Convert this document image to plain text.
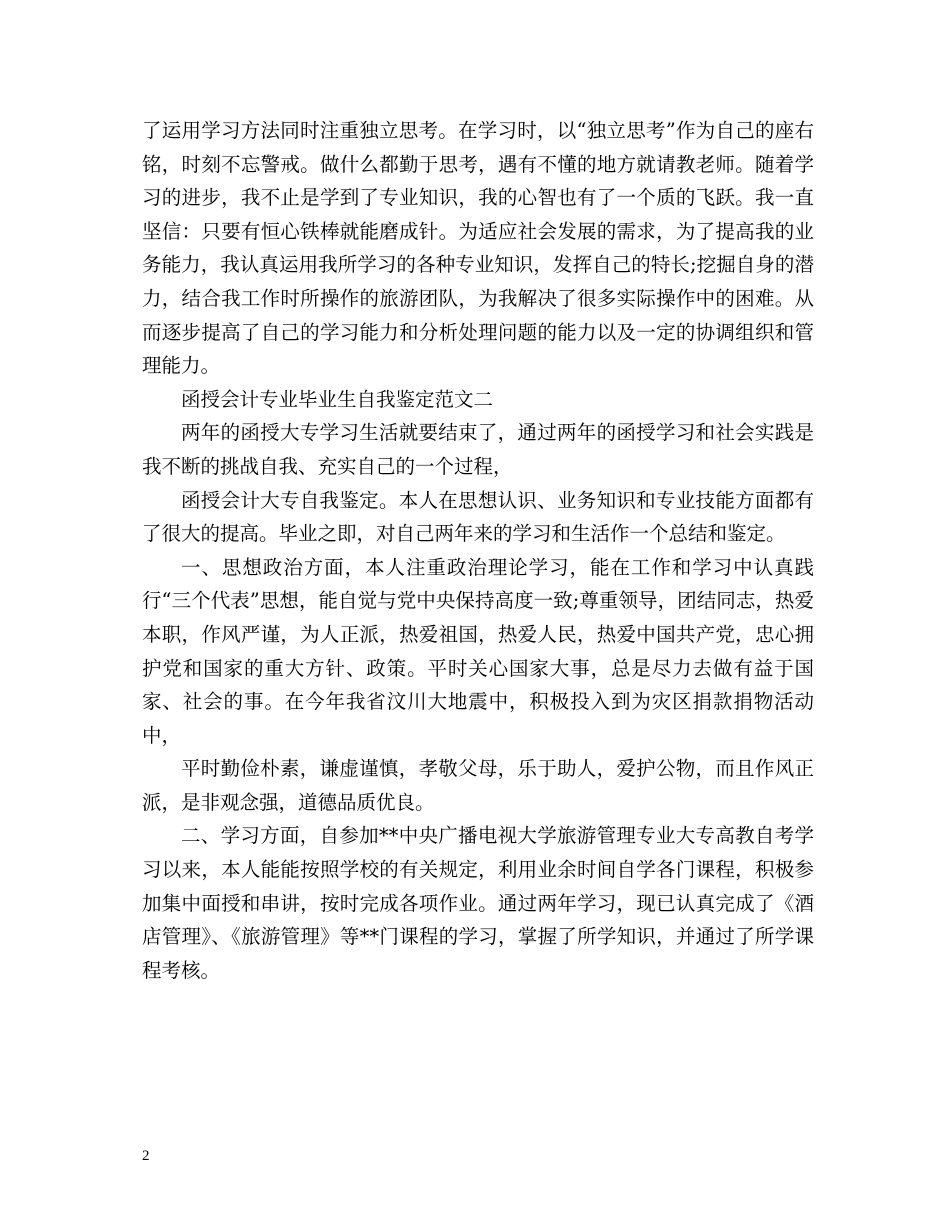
了运用学习方法同时注重独立思考。在学习时，以“独立思考”作为自己的座右铭，时刻不忘警戒。做什么都勤于思考，遇有不懂的地方就请教老师。随着学习的进步，我不止是学到了专业知识，我的心智也有了一个质的飞跃。我一直坚信：只要有恒心铁棒就能磨成针。为适应社会发展的需求，为了提高我的业务能力，我认真运用我所学习的各种专业知识，发挥自己的特长;挖掘自身的潜力，结合我工作时所操作的旅游团队，为我解决了很多实际操作中的困难。从而逐步提高了自己的学习能力和分析处理问题的能力以及一定的协调组织和管理能力。

函授会计专业毕业生自我鉴定范文二

两年的函授大专学习生活就要结束了，通过两年的函授学习和社会实践是我不断的挑战自我、充实自己的一个过程，

函授会计大专自我鉴定。本人在思想认识、业务知识和专业技能方面都有了很大的提高。毕业之即，对自己两年来的学习和生活作一个总结和鉴定。

一、思想政治方面，本人注重政治理论学习，能在工作和学习中认真践行“三个代表”思想，能自觉与党中央保持高度一致;尊重领导，团结同志，热爱本职，作风严谨，为人正派，热爱祖国，热爱人民，热爱中国共产党，忠心拥护党和国家的重大方针、政策。平时关心国家大事，总是尽力去做有益于国家、社会的事。在今年我省汶川大地震中，积极投入到为灾区捐款捐物活动中，

平时勤俭朴素，谦虚谨慎，孝敬父母，乐于助人，爱护公物，而且作风正派，是非观念强，道德品质优良。

二、学习方面，自参加**中央广播电视大学旅游管理专业大专高教自考学习以来，本人能能按照学校的有关规定，利用业余时间自学各门课程，积极参加集中面授和串讲，按时完成各项作业。通过两年学习，现已认真完成了《酒店管理》、《旅游管理》等**门课程的学习，掌握了所学知识，并通过了所学课程考核。

2
